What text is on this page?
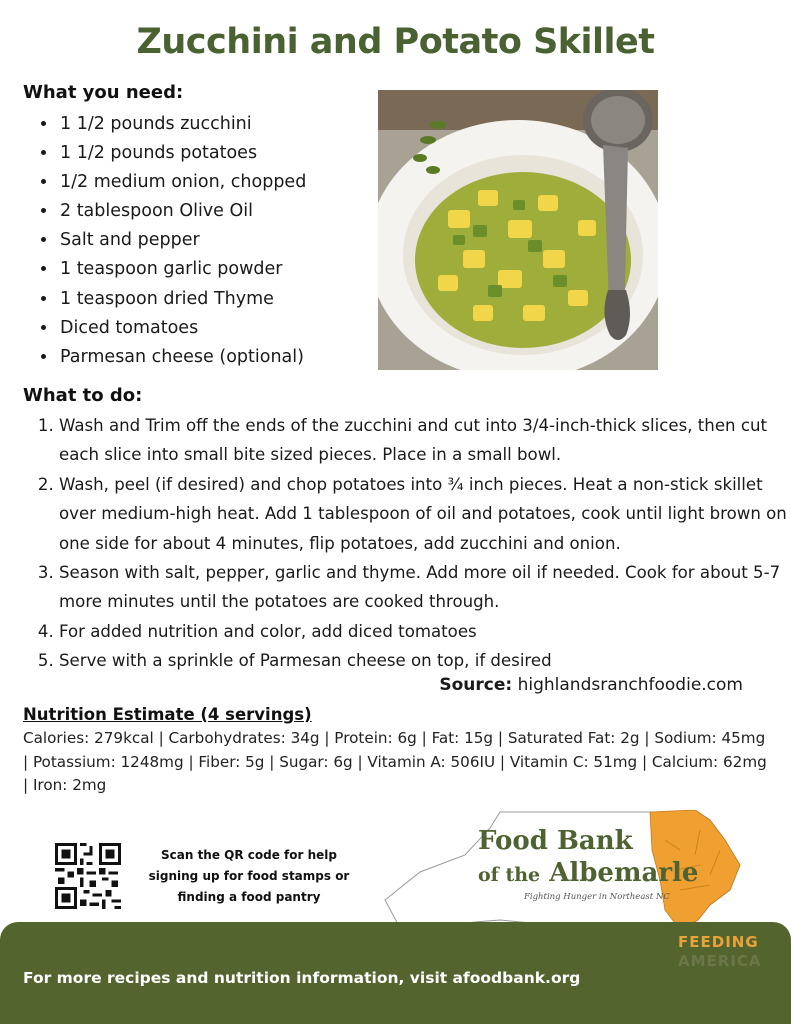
Zucchini and Potato Skillet
What you need:
• 1 1/2 pounds zucchini
• 1 1/2 pounds potatoes
• 1/2 medium onion, chopped
• 2 tablespoon Olive Oil
• Salt and pepper
• 1 teaspoon garlic powder
• 1 teaspoon dried Thyme
• Diced tomatoes
• Parmesan cheese (optional)
What to do:
1. Wash and Trim off the ends of the zucchini and cut into 3/4-inch-thick slices, then cut each slice into small bite sized pieces. Place in a small bowl.
2. Wash, peel (if desired) and chop potatoes into ¾ inch pieces. Heat a non-stick skillet over medium-high heat. Add 1 tablespoon of oil and potatoes, cook until light brown on one side for about 4 minutes, flip potatoes, add zucchini and onion.
3. Season with salt, pepper, garlic and thyme. Add more oil if needed. Cook for about 5-7 more minutes until the potatoes are cooked through.
4. For added nutrition and color, add diced tomatoes
5. Serve with a sprinkle of Parmesan cheese on top, if desired
Source: highlandsranchfoodie.com
Nutrition Estimate (4 servings)
Calories: 279kcal | Carbohydrates: 34g | Protein: 6g | Fat: 15g | Saturated Fat: 2g | Sodium: 45mg | Potassium: 1248mg | Fiber: 5g | Sugar: 6g | Vitamin A: 506IU | Vitamin C: 51mg | Calcium: 62mg | Iron: 2mg
Scan the QR code for help signing up for food stamps or finding a food pantry
Food Bank
of the Albemarle
Fighting Hunger in Northeast NC
For more recipes and nutrition information, visit afoodbank.org
FEEDING
AMERICA
